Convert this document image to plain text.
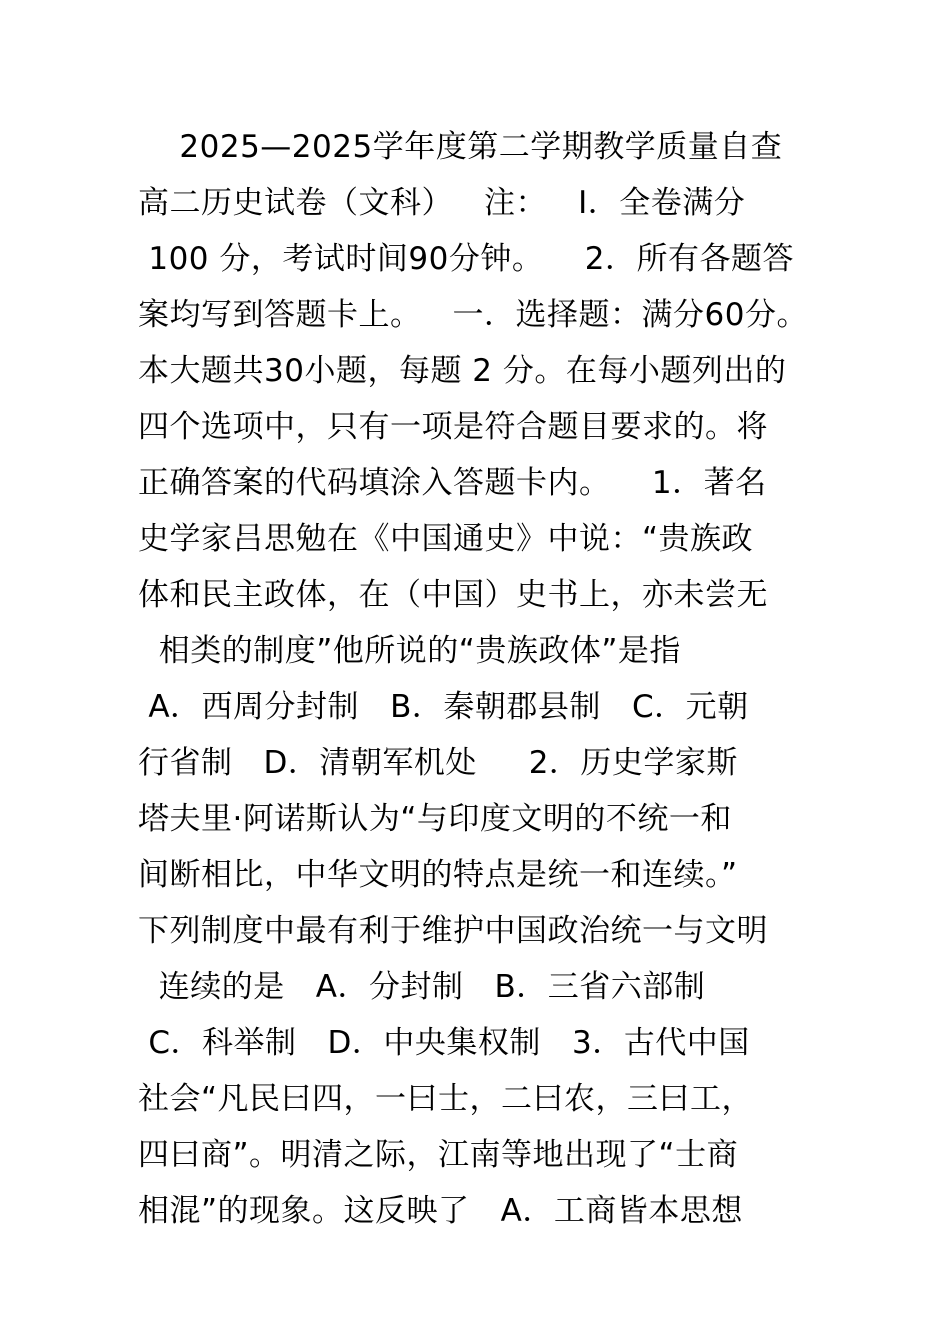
2025—2025学年度第二学期教学质量自查
高二历史试卷（文科）   注：   Ⅰ．全卷满分
100 分，考试时间90分钟。    2．所有各题答
案均写到答题卡上。   一．选择题：满分60分。
本大题共30小题，每题 2 分。在每小题列出的
四个选项中，只有一项是符合题目要求的。将
正确答案的代码填涂入答题卡内。    1．著名
史学家吕思勉在《中国通史》中说：“贵族政
体和民主政体，在（中国）史书上，亦未尝无
相类的制度”他所说的“贵族政体”是指
A．西周分封制   B．秦朝郡县制   C．元朝
行省制   D．清朝军机处     2．历史学家斯
塔夫里·阿诺斯认为“与印度文明的不统一和
间断相比，中华文明的特点是统一和连续。”
下列制度中最有利于维护中国政治统一与文明
连续的是   A．分封制   B．三省六部制
C．科举制   D．中央集权制   3．古代中国
社会“凡民曰四，一曰士，二曰农，三曰工，
四曰商”。明清之际，江南等地出现了“士商
相混”的现象。这反映了   A．工商皆本思想
